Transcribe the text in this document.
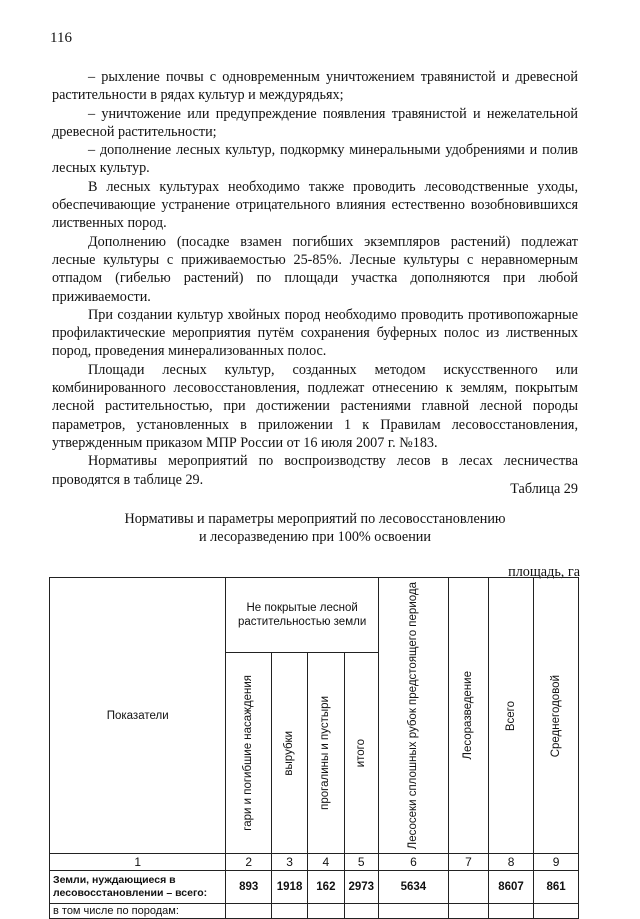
116

– рыхление почвы с одновременным уничтожением травянистой и древесной растительности в рядах культур и междурядьях;

– уничтожение или предупреждение появления травянистой и нежелательной древесной растительности;

– дополнение лесных культур, подкормку минеральными удобрениями и полив лесных культур.

В лесных культурах необходимо также проводить лесоводственные уходы, обеспечивающие устранение отрицательного влияния естественно возобновившихся лиственных пород.

Дополнению (посадке взамен погибших экземпляров растений) подлежат лесные культуры с приживаемостью 25-85%. Лесные культуры с неравномерным отпадом (гибелью растений) по площади участка дополняются при любой приживаемости.

При создании культур хвойных пород необходимо проводить противопожарные профилактические мероприятия путём сохранения буферных полос из лиственных пород, проведения минерализованных полос.

Площади лесных культур, созданных методом искусственного или комбинированного лесовосстановления, подлежат отнесению к землям, покрытым лесной растительностью, при достижении растениями главной лесной породы параметров, установленных в приложении 1 к Правилам лесовосстановления, утвержденным приказом МПР России от 16 июля 2007 г. №183.

Нормативы мероприятий по воспроизводству лесов в лесах лесничества проводятся в таблице 29.

Таблица 29
Нормативы и параметры мероприятий по лесовосстановлению
и лесоразведению при 100% освоении
площадь, га
Показатели	Не покрытые лесной растительностью земли				Лесосеки сплошных рубок предстоящего периода	Лесоразведение	Всего	Среднегодовой

	гари и погибшие насаждения	вырубки	прогалины и пустыри	итого				

1	2	3	4	5	6	7	8	9
Земли, нуждающиеся в лесовосстановлении – всего:	893	1918	162	2973	5634		8607	861
в том числе по породам:								
